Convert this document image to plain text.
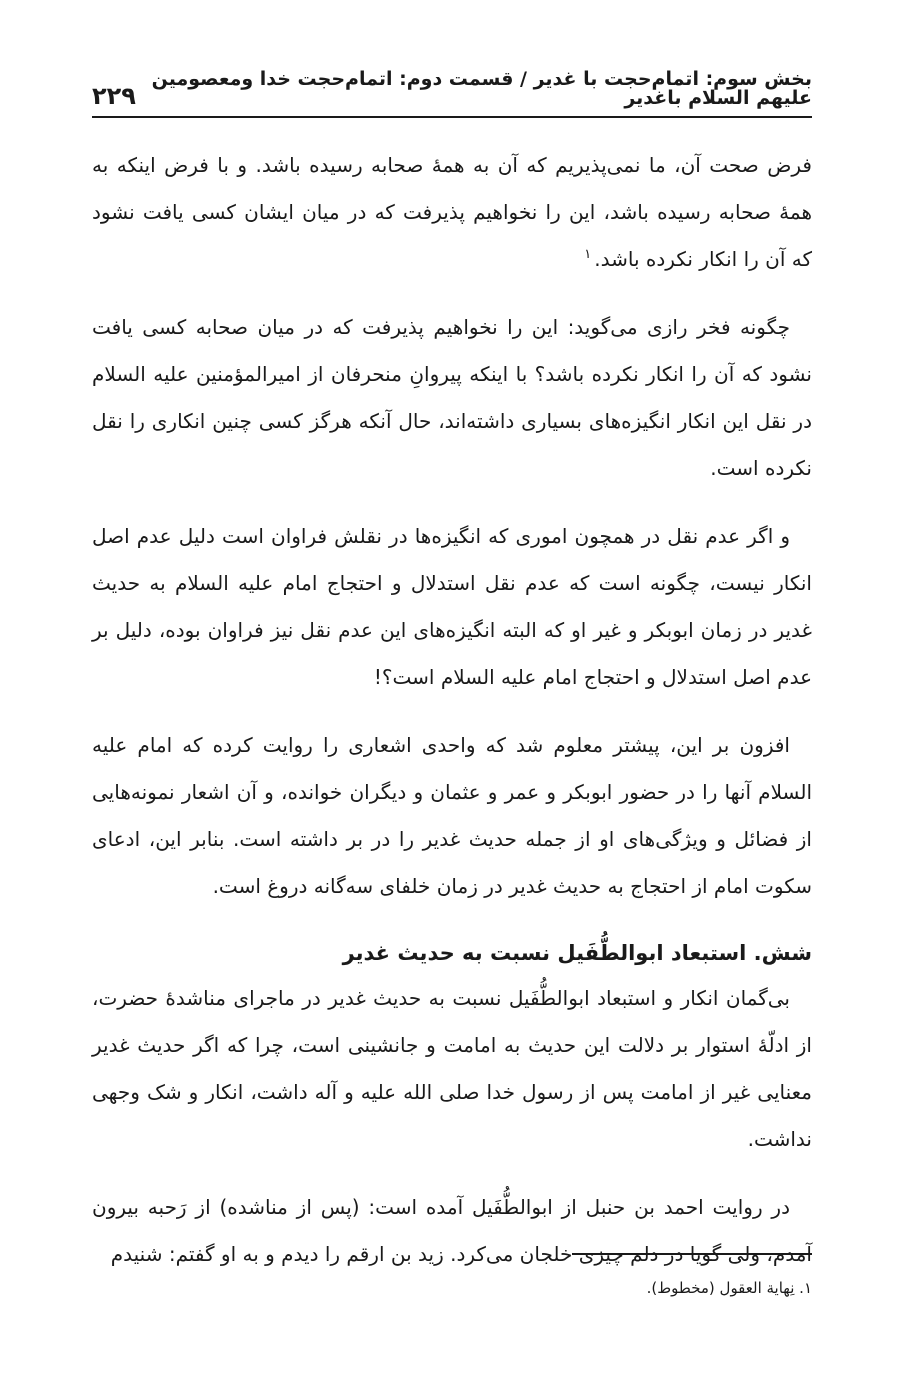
بخش سوم: اتمام‌حجت با غدیر / قسمت دوم: اتمام‌حجت خدا ومعصومین علیهم السلام باغدیر
۲۲۹

فرض صحت آن، ما نمی‌پذیریم که آن به همهٔ صحابه رسیده باشد. و با فرض اینکه به همهٔ صحابه رسیده باشد، این را نخواهیم پذیرفت که در میان ایشان کسی یافت نشود که آن را انکار نکرده باشد.$^۱$

چگونه فخر رازی می‌گوید: این را نخواهیم پذیرفت که در میان صحابه کسی یافت نشود که آن را انکار نکرده باشد؟ با اینکه پیروانِ منحرفان از امیرالمؤمنین علیه السلام در نقل این انکار انگیزه‌های بسیاری داشته‌اند، حال آنکه هرگز کسی چنین انکاری را نقل نکرده است.

و اگر عدم نقل در همچون اموری که انگیزه‌ها در نقلش فراوان است دلیل عدم اصل انکار نیست، چگونه است که عدم نقل استدلال و احتجاج امام علیه السلام به حدیث غدیر در زمان ابوبکر و غیر او که البته انگیزه‌های این عدم نقل نیز فراوان بوده، دلیل بر عدم اصل استدلال و احتجاج امام علیه السلام است؟!

افزون بر این، پیشتر معلوم شد که واحدی اشعاری را روایت کرده که امام علیه السلام آنها را در حضور ابوبکر و عمر و عثمان و دیگران خوانده، و آن اشعار نمونه‌هایی از فضائل و ویژگی‌های او از جمله حدیث غدیر را در بر داشته است. بنابر این، ادعای سکوت امام از احتجاج به حدیث غدیر در زمان خلفای سه‌گانه دروغ است.

شش. استبعاد ابوالطُّفَیل نسبت به حدیث غدیر

بی‌گمان انکار و استبعاد ابوالطُّفَیل نسبت به حدیث غدیر در ماجرای مناشدهٔ حضرت، از ادلّهٔ استوار بر دلالت این حدیث به امامت و جانشینی است، چرا که اگر حدیث غدیر معنایی غیر از امامت پس از رسول خدا صلی الله علیه و آله داشت، انکار و شک وجهی نداشت.

در روایت احمد بن حنبل از ابوالطُّفَیل آمده است: (پس از مناشده) از رَحبه بیرون آمدم، ولی گویا در دلم چیزی خلجان می‌کرد. زید بن ارقم را دیدم و به او گفتم: شنیدم

۱. نِهایة العقول (مخطوط).
